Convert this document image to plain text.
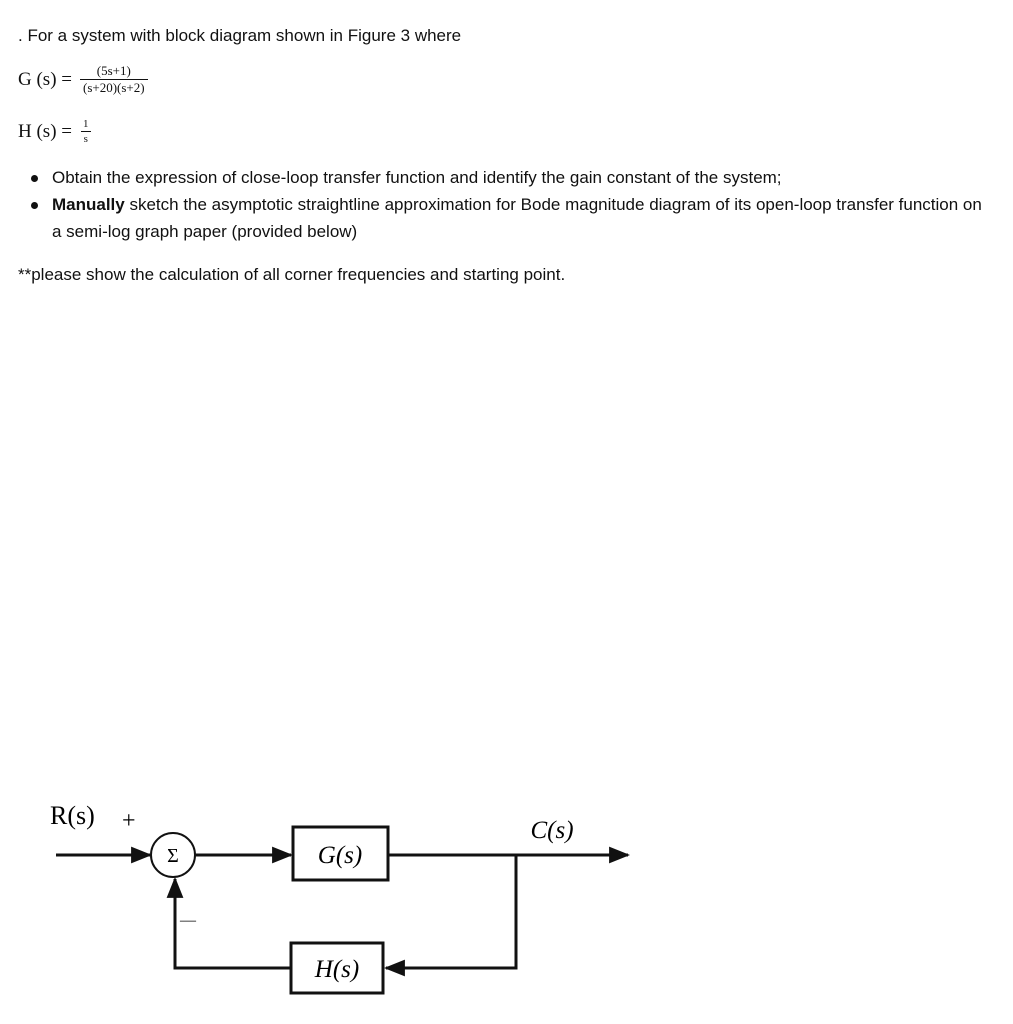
. For a system with block diagram shown in Figure 3 where
G $(s) = \frac{(5s+1)}{(s+20)(s+2)}$
H $(s) = \frac{1}{s}$
Obtain the expression of close-loop transfer function and identify the gain constant of the system;
Manually sketch the asymptotic straightline approximation for Bode magnitude diagram of its open-loop transfer function on a semi-log graph paper (provided below)
**please show the calculation of all corner frequencies and starting point.
R(s) +
Σ	G(s)
C(s)
H(s)
—
